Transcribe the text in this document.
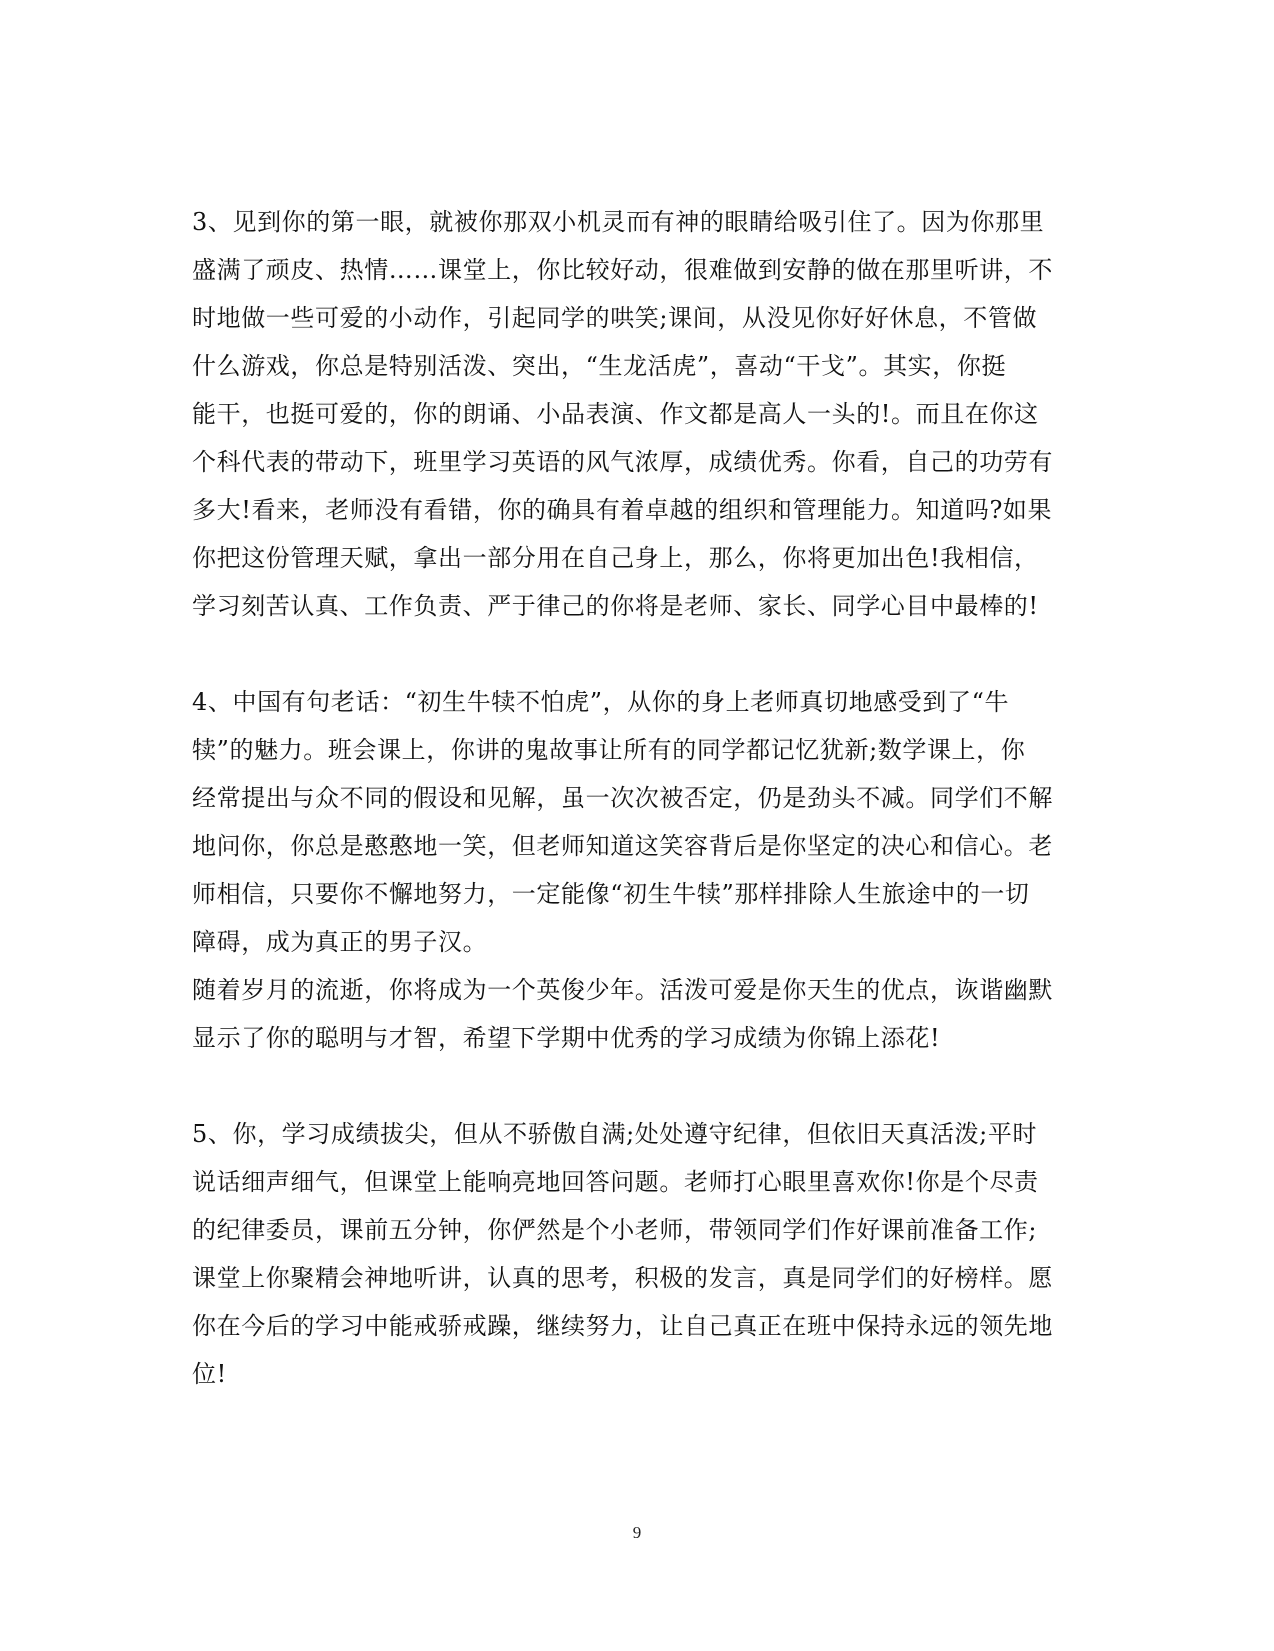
3、见到你的第一眼，就被你那双小机灵而有神的眼睛给吸引住了。因为你那里
盛满了顽皮、热情……课堂上，你比较好动，很难做到安静的做在那里听讲，不
时地做一些可爱的小动作，引起同学的哄笑;课间，从没见你好好休息，不管做
什么游戏，你总是特别活泼、突出，“生龙活虎”，喜动“干戈”。其实，你挺
能干，也挺可爱的，你的朗诵、小品表演、作文都是高人一头的!。而且在你这
个科代表的带动下，班里学习英语的风气浓厚，成绩优秀。你看，自己的功劳有
多大!看来，老师没有看错，你的确具有着卓越的组织和管理能力。知道吗?如果
你把这份管理天赋，拿出一部分用在自己身上，那么，你将更加出色!我相信，
学习刻苦认真、工作负责、严于律己的你将是老师、家长、同学心目中最棒的!
4、中国有句老话：“初生牛犊不怕虎”，从你的身上老师真切地感受到了“牛
犊”的魅力。班会课上，你讲的鬼故事让所有的同学都记忆犹新;数学课上，你
经常提出与众不同的假设和见解，虽一次次被否定，仍是劲头不减。同学们不解
地问你，你总是憨憨地一笑，但老师知道这笑容背后是你坚定的决心和信心。老
师相信，只要你不懈地努力，一定能像“初生牛犊”那样排除人生旅途中的一切
障碍，成为真正的男子汉。
随着岁月的流逝，你将成为一个英俊少年。活泼可爱是你天生的优点，诙谐幽默
显示了你的聪明与才智，希望下学期中优秀的学习成绩为你锦上添花!
5、你，学习成绩拔尖，但从不骄傲自满;处处遵守纪律，但依旧天真活泼;平时
说话细声细气，但课堂上能响亮地回答问题。老师打心眼里喜欢你!你是个尽责
的纪律委员，课前五分钟，你俨然是个小老师，带领同学们作好课前准备工作;
课堂上你聚精会神地听讲，认真的思考，积极的发言，真是同学们的好榜样。愿
你在今后的学习中能戒骄戒躁，继续努力，让自己真正在班中保持永远的领先地
位!
9
